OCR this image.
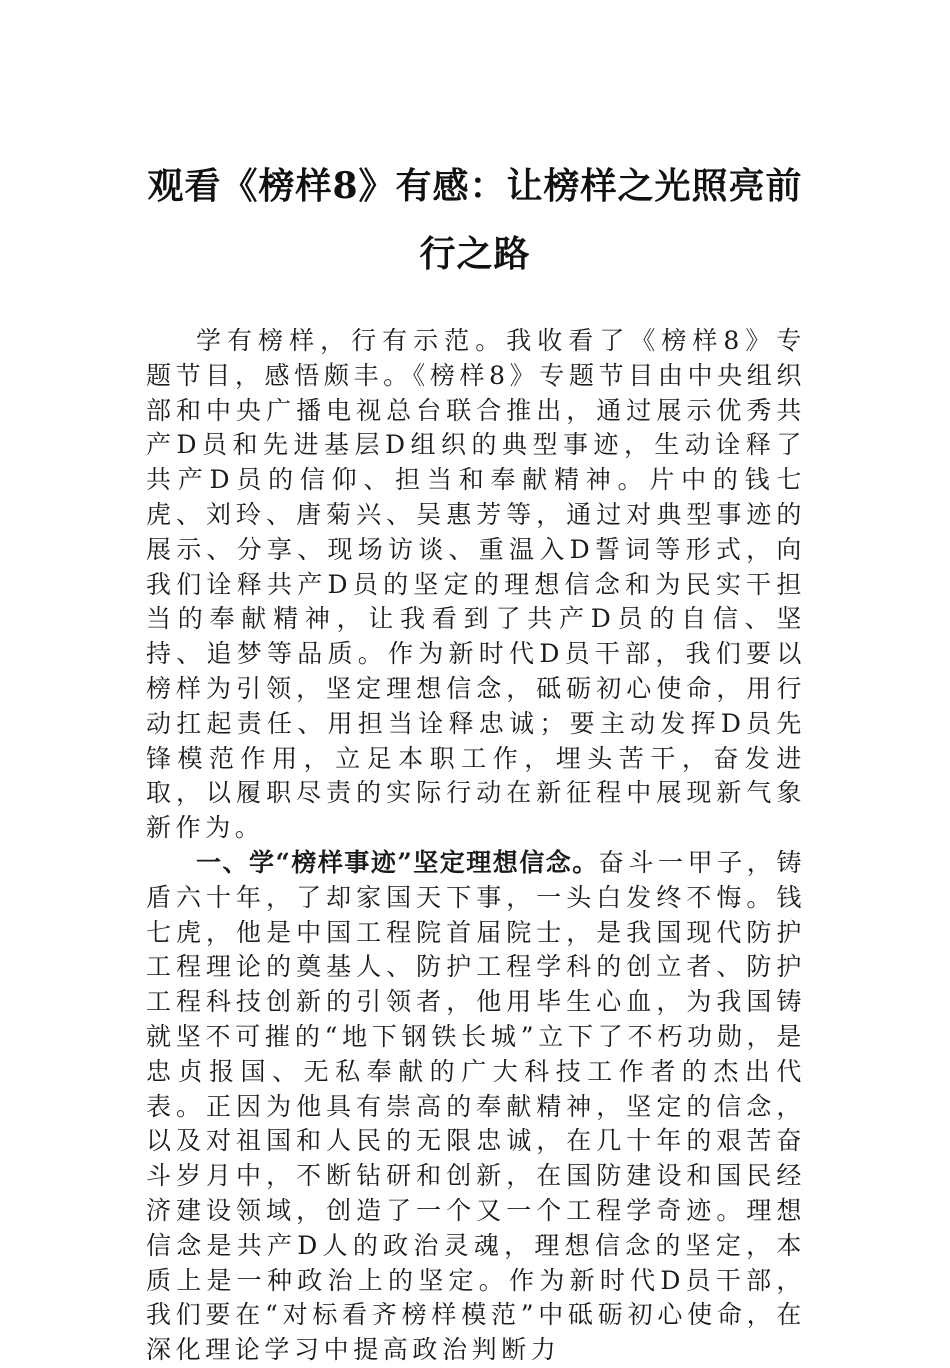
观看《榜样8》有感：让榜样之光照亮前行之路

学有榜样，行有示范。我收看了《榜样8》专题节目，感悟颇丰。《榜样8》专题节目由中央组织部和中央广播电视总台联合推出，通过展示优秀共产D员和先进基层D组织的典型事迹，生动诠释了共产D员的信仰、担当和奉献精神。片中的钱七虎、刘玲、唐菊兴、吴惠芳等，通过对典型事迹的展示、分享、现场访谈、重温入D誓词等形式，向我们诠释共产D员的坚定的理想信念和为民实干担当的奉献精神，让我看到了共产D员的自信、坚持、追梦等品质。作为新时代D员干部，我们要以榜样为引领，坚定理想信念，砥砺初心使命，用行动扛起责任、用担当诠释忠诚；要主动发挥D员先锋模范作用，立足本职工作，埋头苦干，奋发进取，以履职尽责的实际行动在新征程中展现新气象新作为。

一、学“榜样事迹”坚定理想信念。奋斗一甲子，铸盾六十年，了却家国天下事，一头白发终不悔。钱七虎，他是中国工程院首届院士，是我国现代防护工程理论的奠基人、防护工程学科的创立者、防护工程科技创新的引领者，他用毕生心血，为我国铸就坚不可摧的“地下钢铁长城”立下了不朽功勋，是忠贞报国、无私奉献的广大科技工作者的杰出代表。正因为他具有崇高的奉献精神，坚定的信念，以及对祖国和人民的无限忠诚，在几十年的艰苦奋斗岁月中，不断钻研和创新，在国防建设和国民经济建设领域，创造了一个又一个工程学奇迹。理想信念是共产D人的政治灵魂，理想信念的坚定，本质上是一种政治上的坚定。作为新时代D员干部，我们要在“对标看齐榜样模范”中砥砺初心使命，在深化理论学习中提高政治判断力
